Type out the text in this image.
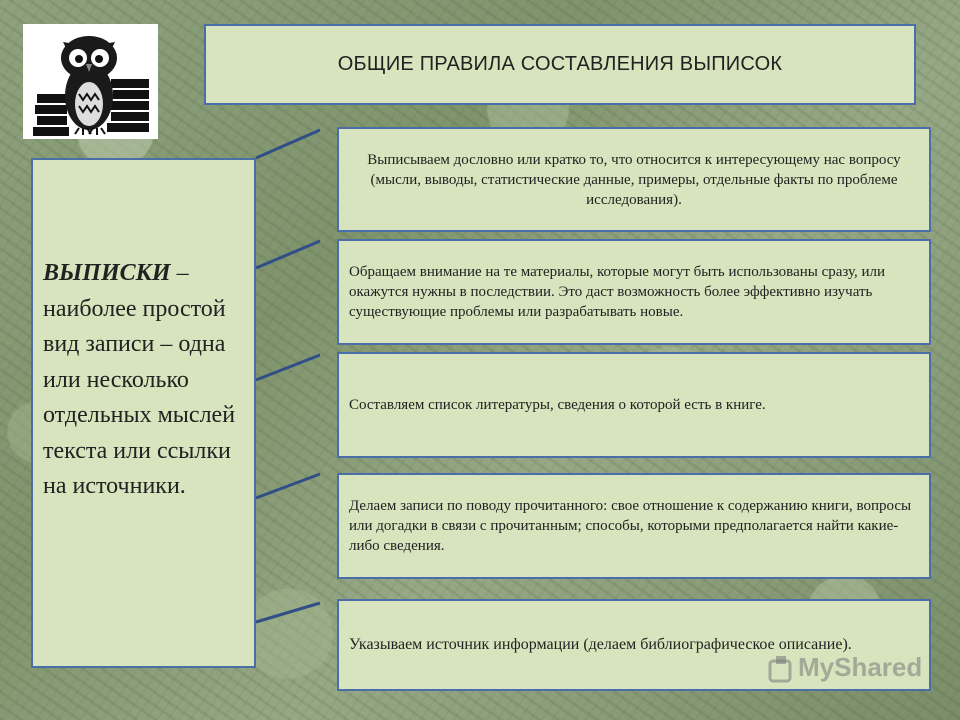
ОБЩИЕ ПРАВИЛА СОСТАВЛЕНИЯ ВЫПИСОК
ВЫПИСКИ – наиболее простой вид записи – одна или несколько отдельных мыслей текста или ссылки на источники.
Выписываем дословно или кратко то, что относится к интересующему нас вопросу (мысли, выводы, статистические данные, примеры, отдельные факты по проблеме исследования).
Обращаем внимание на те материалы, которые могут быть использованы сразу, или окажутся нужны в последствии. Это даст возможность более эффективно изучать существующие проблемы или разрабатывать новые.
Составляем список литературы, сведения о которой есть в книге.
Делаем записи по поводу прочитанного: свое отношение к содержанию книги, вопросы или догадки в связи с прочитанным; способы, которыми предполагается найти какие-либо сведения.
Указываем источник информации (делаем библиографическое описание).
MyShared
